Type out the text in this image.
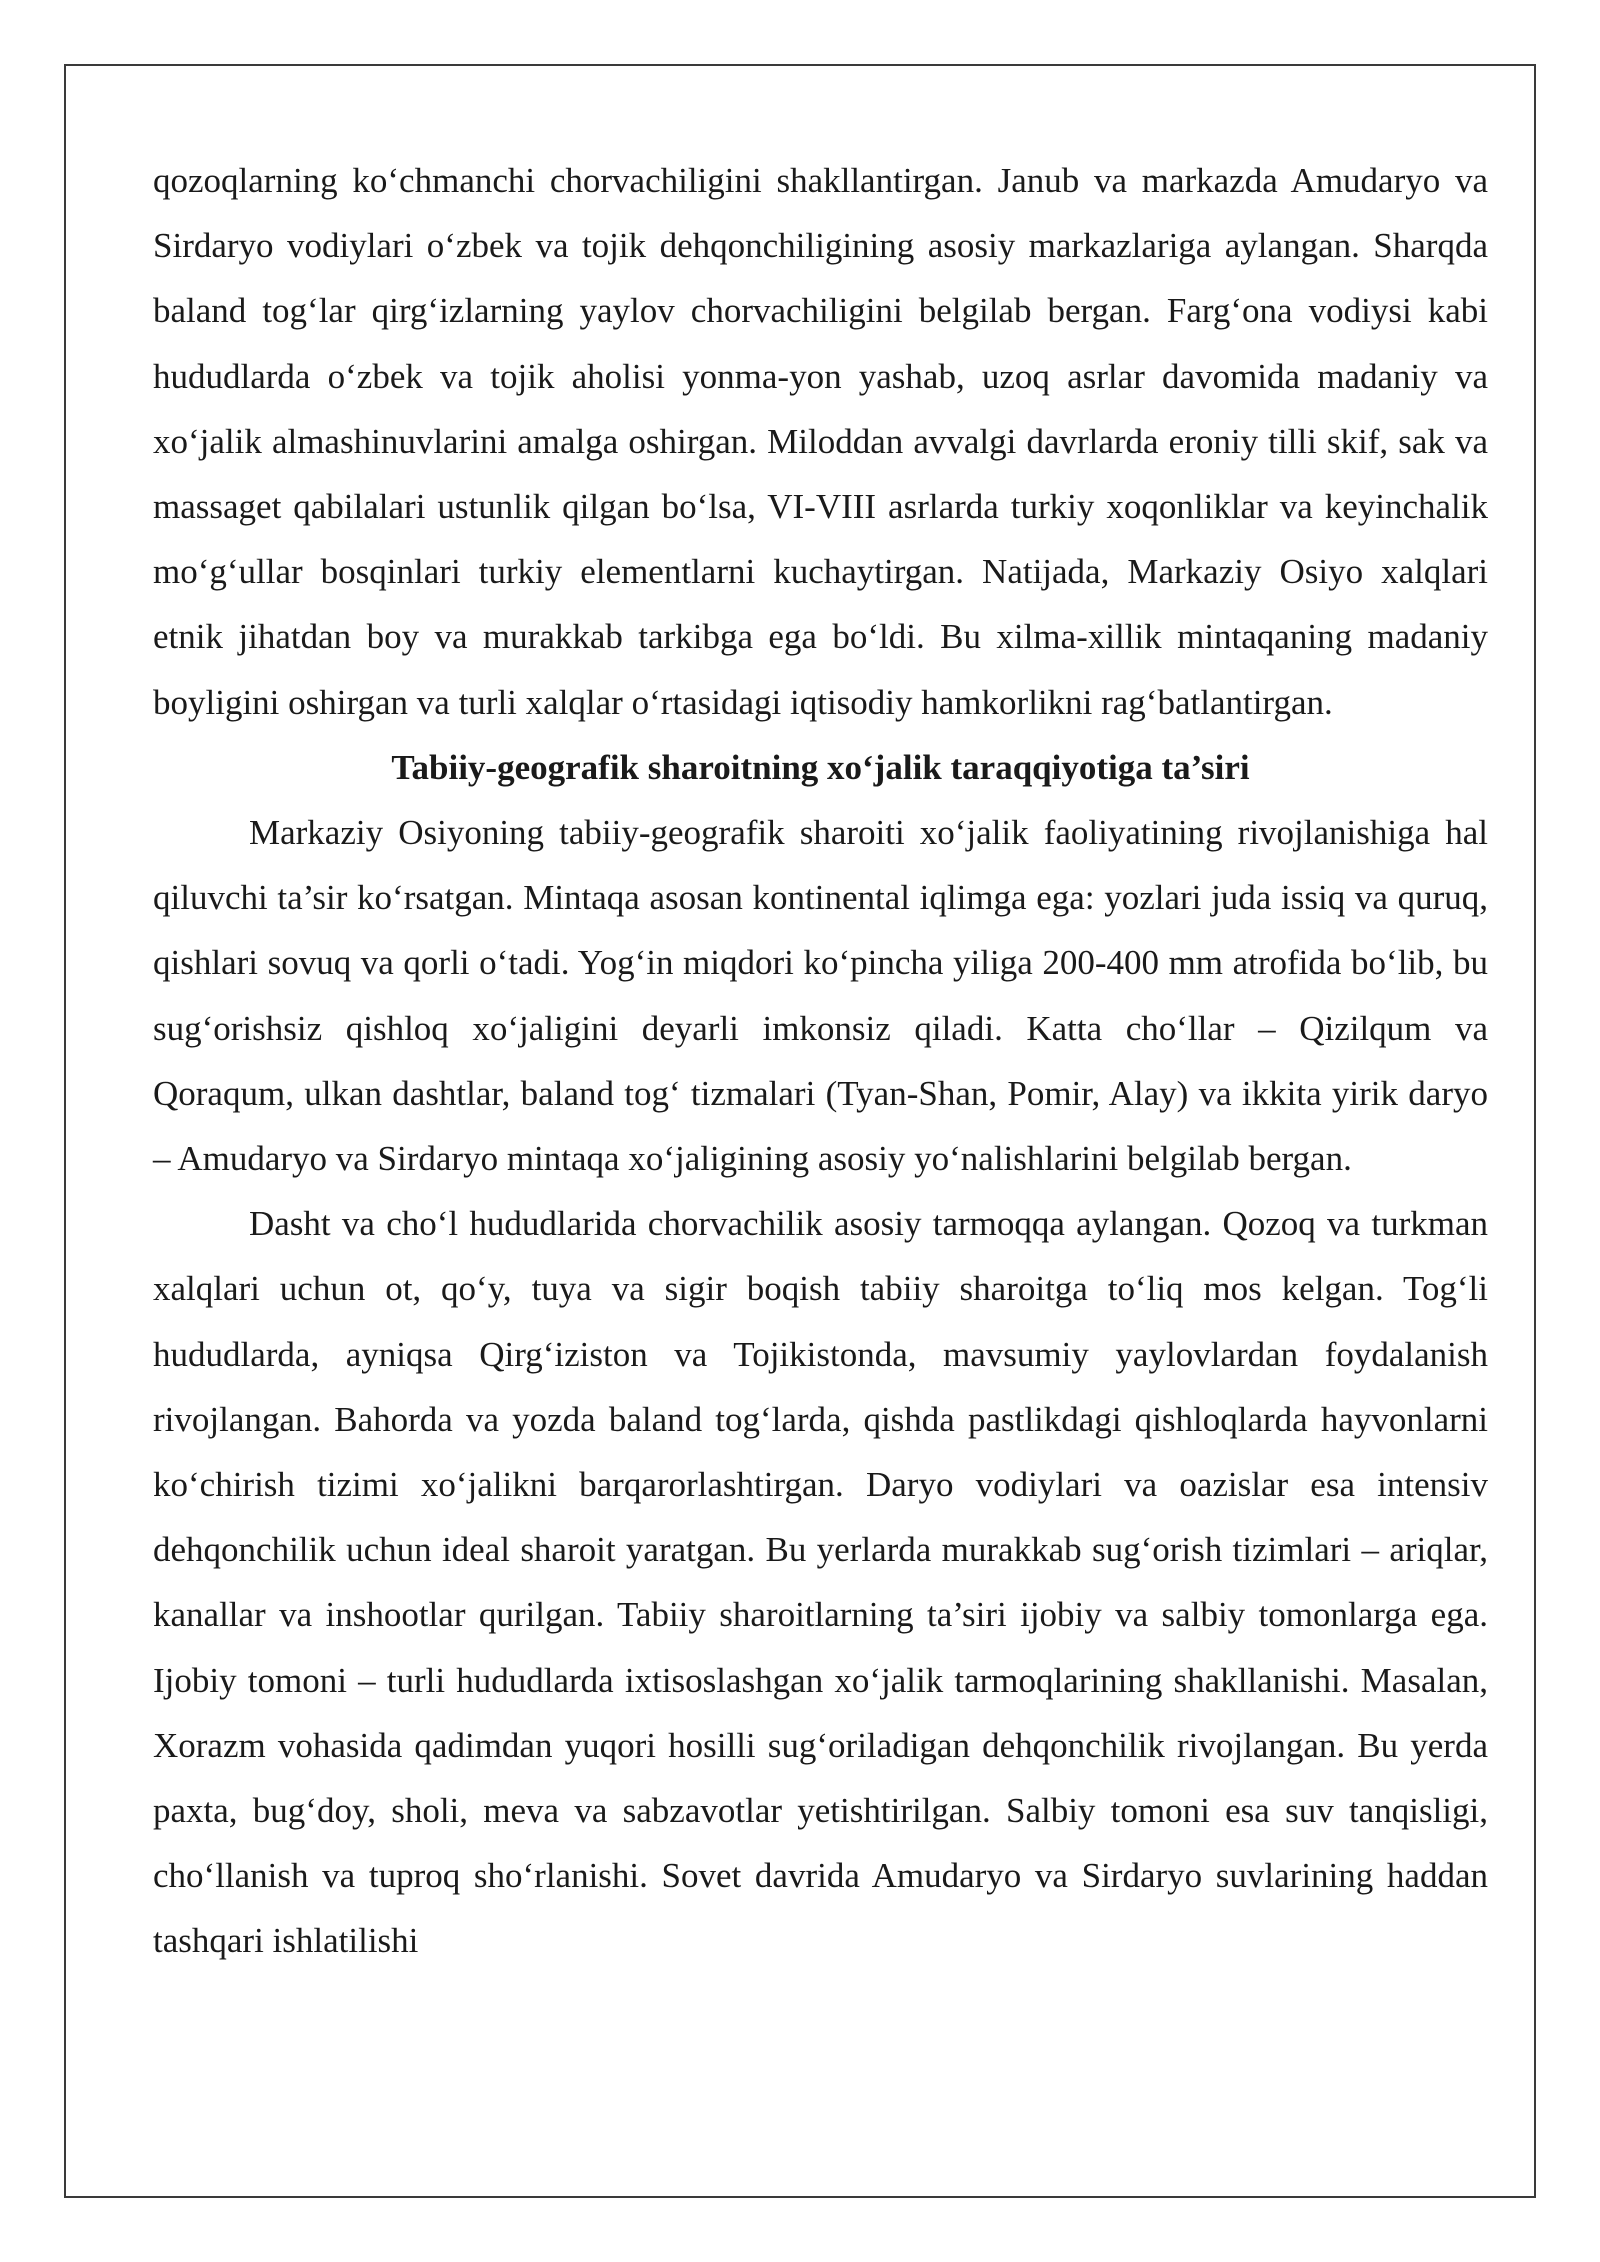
qozoqlarning ko‘chmanchi chorvachiligini shakllantirgan. Janub va markazda Amudaryo va Sirdaryo vodiylari o‘zbek va tojik dehqonchiligining asosiy markazlariga aylangan. Sharqda baland tog‘lar qirg‘izlarning yaylov chorvachiligini belgilab bergan. Farg‘ona vodiysi kabi hududlarda o‘zbek va tojik aholisi yonma-yon yashab, uzoq asrlar davomida madaniy va xo‘jalik almashinuvlarini amalga oshirgan. Miloddan avvalgi davrlarda eroniy tilli skif, sak va massaget qabilalari ustunlik qilgan bo‘lsa, VI-VIII asrlarda turkiy xoqonliklar va keyinchalik mo‘g‘ullar bosqinlari turkiy elementlarni kuchaytirgan. Natijada, Markaziy Osiyo xalqlari etnik jihatdan boy va murakkab tarkibga ega bo‘ldi. Bu xilma-xillik mintaqaning madaniy boyligini oshirgan va turli xalqlar o‘rtasidagi iqtisodiy hamkorlikni rag‘batlantirgan.

Tabiiy-geografik sharoitning xo‘jalik taraqqiyotiga ta’siri

Markaziy Osiyoning tabiiy-geografik sharoiti xo‘jalik faoliyatining rivojlanishiga hal qiluvchi ta’sir ko‘rsatgan. Mintaqa asosan kontinental iqlimga ega: yozlari juda issiq va quruq, qishlari sovuq va qorli o‘tadi. Yog‘in miqdori ko‘pincha yiliga 200-400 mm atrofida bo‘lib, bu sug‘orishsiz qishloq xo‘jaligini deyarli imkonsiz qiladi. Katta cho‘llar – Qizilqum va Qoraqum, ulkan dashtlar, baland tog‘ tizmalari (Tyan-Shan, Pomir, Alay) va ikkita yirik daryo – Amudaryo va Sirdaryo mintaqa xo‘jaligining asosiy yo‘nalishlarini belgilab bergan.

Dasht va cho‘l hududlarida chorvachilik asosiy tarmoqqa aylangan. Qozoq va turkman xalqlari uchun ot, qo‘y, tuya va sigir boqish tabiiy sharoitga to‘liq mos kelgan. Tog‘li hududlarda, ayniqsa Qirg‘iziston va Tojikistonda, mavsumiy yaylovlardan foydalanish rivojlangan. Bahorda va yozda baland tog‘larda, qishda pastlikdagi qishloqlarda hayvonlarni ko‘chirish tizimi xo‘jalikni barqarorlashtirgan. Daryo vodiylari va oazislar esa intensiv dehqonchilik uchun ideal sharoit yaratgan. Bu yerlarda murakkab sug‘orish tizimlari – ariqlar, kanallar va inshootlar qurilgan. Tabiiy sharoitlarning ta’siri ijobiy va salbiy tomonlarga ega. Ijobiy tomoni – turli hududlarda ixtisoslashgan xo‘jalik tarmoqlarining shakllanishi. Masalan, Xorazm vohasida qadimdan yuqori hosilli sug‘oriladigan dehqonchilik rivojlangan. Bu yerda paxta, bug‘doy, sholi, meva va sabzavotlar yetishtirilgan. Salbiy tomoni esa suv tanqisligi, cho‘llanish va tuproq sho‘rlanishi. Sovet davrida Amudaryo va Sirdaryo suvlarining haddan tashqari ishlatilishi
